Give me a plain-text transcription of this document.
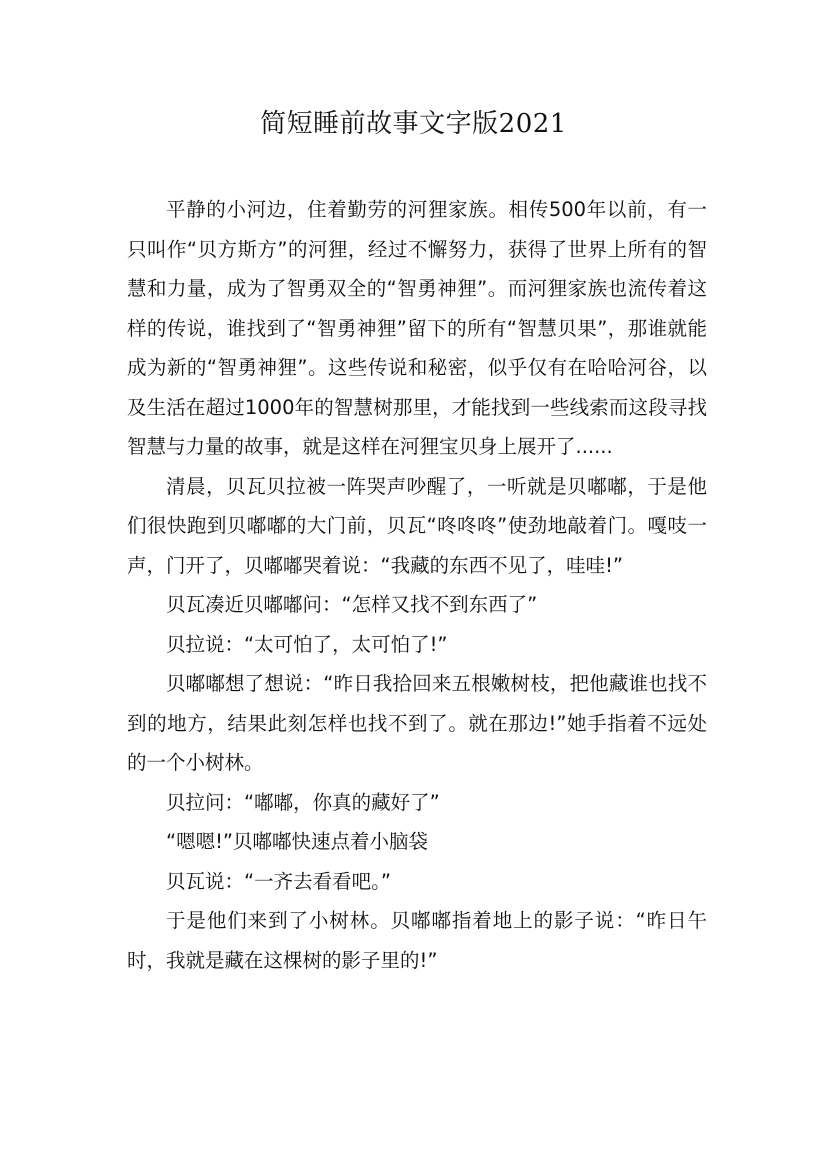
简短睡前故事文字版2021

平静的小河边，住着勤劳的河狸家族。相传500年以前，有一只叫作“贝方斯方”的河狸，经过不懈努力，获得了世界上所有的智慧和力量，成为了智勇双全的“智勇神狸”。而河狸家族也流传着这样的传说，谁找到了“智勇神狸”留下的所有“智慧贝果”，那谁就能成为新的“智勇神狸”。这些传说和秘密，似乎仅有在哈哈河谷，以及生活在超过1000年的智慧树那里，才能找到一些线索而这段寻找智慧与力量的故事，就是这样在河狸宝贝身上展开了......

清晨，贝瓦贝拉被一阵哭声吵醒了，一听就是贝嘟嘟，于是他们很快跑到贝嘟嘟的大门前，贝瓦“咚咚咚”使劲地敲着门。嘎吱一声，门开了，贝嘟嘟哭着说：“我藏的东西不见了，哇哇!”

贝瓦凑近贝嘟嘟问：“怎样又找不到东西了”

贝拉说：“太可怕了，太可怕了!”

贝嘟嘟想了想说：“昨日我拾回来五根嫩树枝，把他藏谁也找不到的地方，结果此刻怎样也找不到了。就在那边!”她手指着不远处的一个小树林。

贝拉问：“嘟嘟，你真的藏好了”

“嗯嗯!”贝嘟嘟快速点着小脑袋

贝瓦说：“一齐去看看吧。”

于是他们来到了小树林。贝嘟嘟指着地上的影子说：“昨日午时，我就是藏在这棵树的影子里的!”
